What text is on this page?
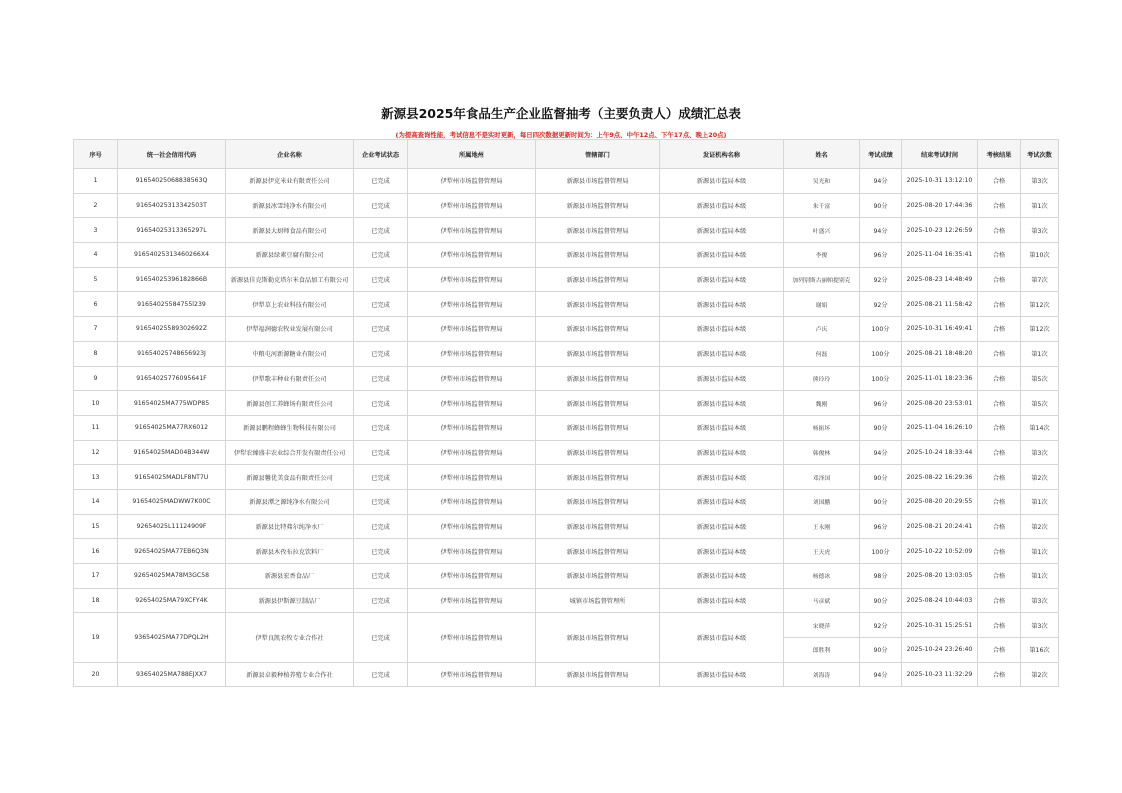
新源县2025年食品生产企业监督抽考（主要负责人）成绩汇总表
(为提高查询性能，考试信息不是实时更新，每日四次数据更新时间为：上午9点、中午12点、下午17点、晚上20点)
序号	统一社会信用代码	企业名称	企业考试状态	所属地州	管辖部门	发证机构名称	姓名	考试成绩	结束考试时间	考核结果	考试次数
1	91654025068838563Q	新源县伊克米业有限责任公司	已完成	伊犁州市场监督管理局	新源县市场监督管理局	新源县市监局本级	吴光和	94分	2025-10-31 13:12:10	合格	第3次
2	91654025313342503T	新源县冰雪纯净水有限公司	已完成	伊犁州市场监督管理局	新源县市场监督管理局	新源县市监局本级	朱千富	90分	2025-08-20 17:44:36	合格	第1次
3	91654025313365297L	新源县大厨师食品有限公司	已完成	伊犁州市场监督管理局	新源县市场监督管理局	新源县市监局本级	叶盛兴	94分	2025-10-23 12:26:59	合格	第3次
4	91654025313460266X4	新源县绿素豆腐有限公司	已完成	伊犁州市场监督管理局	新源县市场监督管理局	新源县市监局本级	李俊	96分	2025-11-04 16:35:41	合格	第10次
5	91654025396182866B	新源县佳克斯勒克塔尔米食品加工有限公司	已完成	伊犁州市场监督管理局	新源县市场监督管理局	新源县市监局本级	加列别斯古丽帕提别克	92分	2025-08-23 14:48:49	合格	第7次
6	91654025584755l239	伊犁草上农业科技有限公司	已完成	伊犁州市场监督管理局	新源县市场监督管理局	新源县市监局本级	谢娟	92分	2025-08-21 11:58:42	合格	第12次
7	91654025589302692Z	伊犁福润德农牧业发展有限公司	已完成	伊犁州市场监督管理局	新源县市场监督管理局	新源县市监局本级	卢庆	100分	2025-10-31 16:49:41	合格	第12次
8	91654025748656923J	中粮屯河新源糖业有限公司	已完成	伊犁州市场监督管理局	新源县市场监督管理局	新源县市监局本级	何磊	100分	2025-08-21 18:48:20	合格	第1次
9	91654025776095641F	伊犁歌丰种业有限责任公司	已完成	伊犁州市场监督管理局	新源县市场监督管理局	新源县市监局本级	熊玲玲	100分	2025-11-01 18:23:36	合格	第5次
10	91654025MA775WDP85	新源县创工养蜂场有限责任公司	已完成	伊犁州市场监督管理局	新源县市场监督管理局	新源县市监局本级	魏刚	96分	2025-08-20 23:53:01	合格	第5次
11	91654025MA77RX6012	新源县鹏程蜂蜂生物科技有限公司	已完成	伊犁州市场监督管理局	新源县市场监督管理局	新源县市监局本级	杨振坏	90分	2025-11-04 16:26:10	合格	第14次
12	91654025MAD04B344W	伊犁农臻盛丰农业综合开发有限责任公司	已完成	伊犁州市场监督管理局	新源县市场监督管理局	新源县市监局本级	韩俊林	94分	2025-10-24 18:33:44	合格	第3次
13	91654025MADLF8NT7U	新源县馨优美食品有限责任公司	已完成	伊犁州市场监督管理局	新源县市场监督管理局	新源县市监局本级	邓泽国	90分	2025-08-22 16:29:36	合格	第2次
14	91654025MADWW7K00C	新源县潭之源纯净水有限公司	已完成	伊犁州市场监督管理局	新源县市场监督管理局	新源县市监局本级	刘国鹏	90分	2025-08-20 20:29:55	合格	第1次
15	92654025L11124909F	新源县比特弗尔纯净水厂	已完成	伊犁州市场监督管理局	新源县市场监督管理局	新源县市监局本级	王永刚	96分	2025-08-21 20:24:41	合格	第2次
16	92654025MA77EB6Q3N	新源县木孜布拉克饮料厂	已完成	伊犁州市场监督管理局	新源县市场监督管理局	新源县市监局本级	王天虎	100分	2025-10-22 10:52:09	合格	第1次
17	92654025MA78M3GC58	新源县宏香食品厂	已完成	伊犁州市场监督管理局	新源县市场监督管理局	新源县市监局本级	杨德冰	98分	2025-08-20 13:03:05	合格	第1次
18	92654025MA79XCFY4K	新源县伊斯源豆制品厂	已完成	伊犁州市场监督管理局	城镇市场监督管理所	新源县市监局本级	马彦斌	90分	2025-08-24 10:44:03	合格	第3次
19	93654025MA77DPQL2H	伊犁良凯农牧专业合作社	已完成	伊犁州市场监督管理局	新源县市场监督管理局	新源县市监局本级	宋晓萍	92分	2025-10-31 15:25:51	合格	第3次
							郎胜利	90分	2025-10-24 23:26:40	合格	第16次
20	93654025MA788EJXX7	新源县卓毅种植养殖专业合作社	已完成	伊犁州市场监督管理局	新源县市场监督管理局	新源县市监局本级	刘海涛	94分	2025-10-23 11:32:29	合格	第2次
